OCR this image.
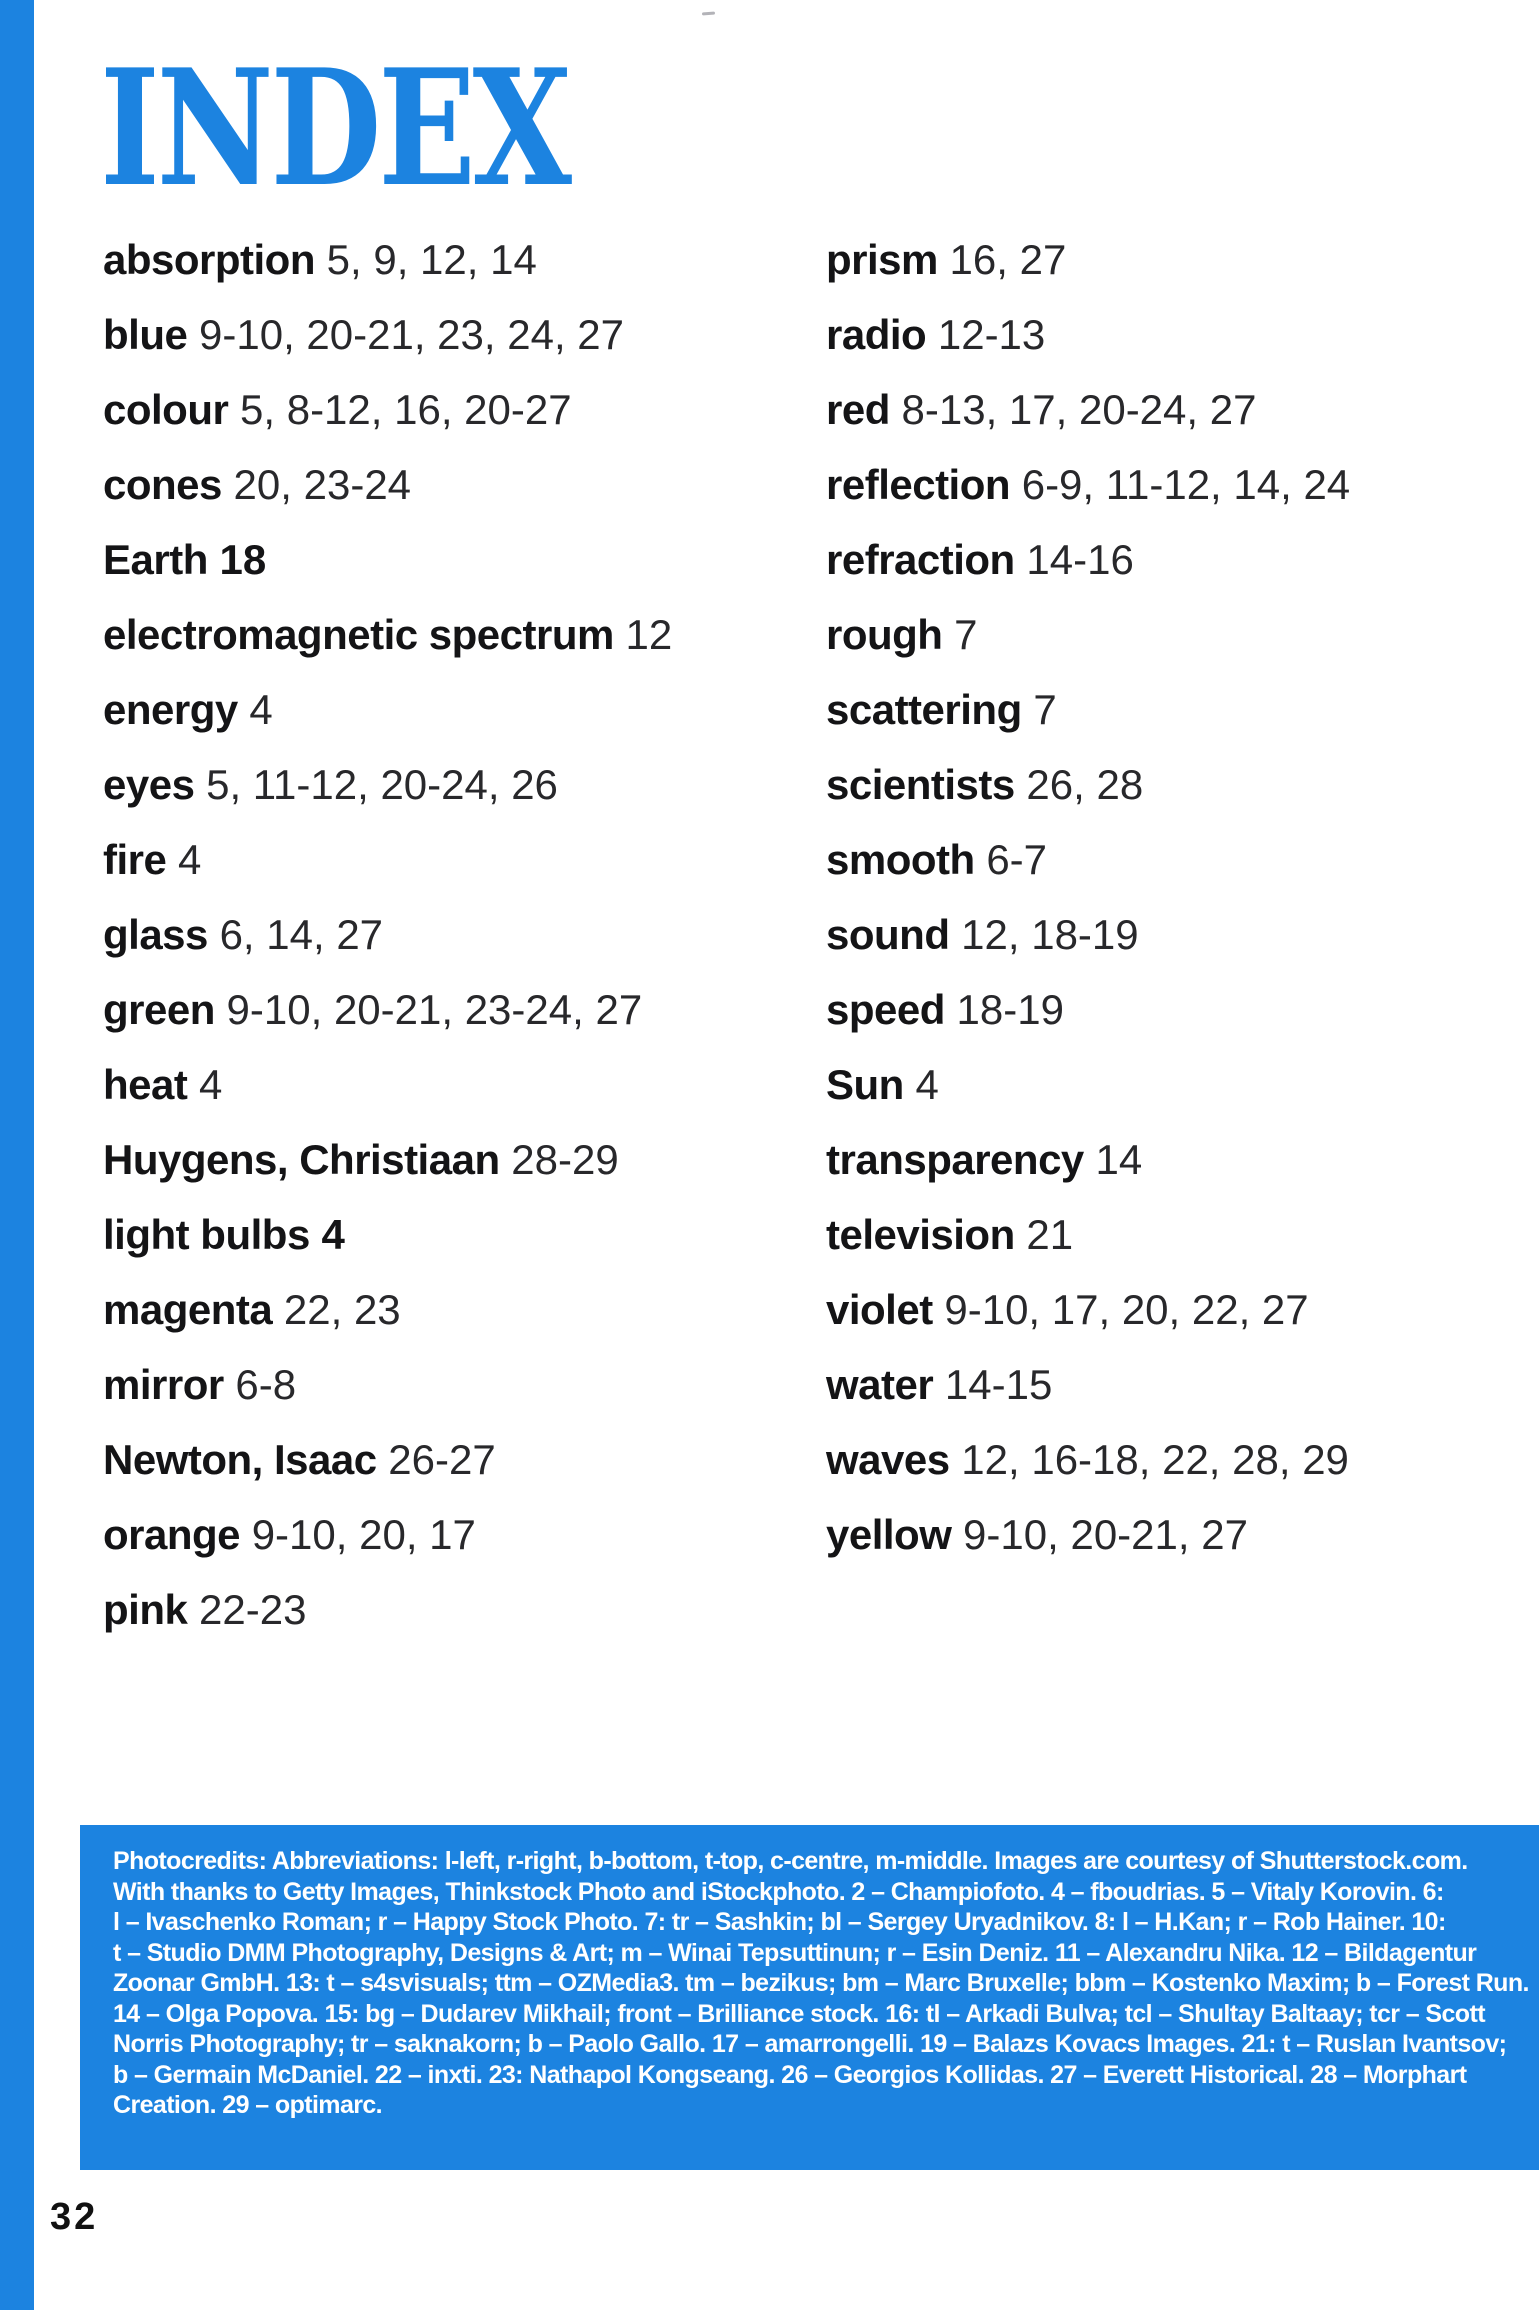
INDEX
absorption 5, 9, 12, 14
blue 9-10, 20-21, 23, 24, 27
colour 5, 8-12, 16, 20-27
cones 20, 23-24
Earth 18
electromagnetic spectrum 12
energy 4
eyes 5, 11-12, 20-24, 26
fire 4
glass 6, 14, 27
green 9-10, 20-21, 23-24, 27
heat 4
Huygens, Christiaan 28-29
light bulbs 4
magenta 22, 23
mirror 6-8
Newton, Isaac 26-27
orange 9-10, 20, 17
pink 22-23
prism 16, 27
radio 12-13
red 8-13, 17, 20-24, 27
reflection 6-9, 11-12, 14, 24
refraction 14-16
rough 7
scattering 7
scientists 26, 28
smooth 6-7
sound 12, 18-19
speed 18-19
Sun 4
transparency 14
television 21
violet 9-10, 17, 20, 22, 27
water 14-15
waves 12, 16-18, 22, 28, 29
yellow 9-10, 20-21, 27
Photocredits: Abbreviations: l-left, r-right, b-bottom, t-top, c-centre, m-middle. Images are courtesy of Shutterstock.com.
With thanks to Getty Images, Thinkstock Photo and iStockphoto. 2 – Champiofoto. 4 – fboudrias. 5 – Vitaly Korovin. 6:
l – Ivaschenko Roman; r – Happy Stock Photo. 7: tr – Sashkin; bl – Sergey Uryadnikov. 8: l – H.Kan; r – Rob Hainer. 10:
t – Studio DMM Photography, Designs & Art; m – Winai Tepsuttinun; r – Esin Deniz. 11 – Alexandru Nika. 12 – Bildagentur
Zoonar GmbH. 13: t – s4svisuals; ttm – OZMedia3. tm – bezikus; bm – Marc Bruxelle; bbm – Kostenko Maxim; b – Forest Run.
14 – Olga Popova. 15: bg – Dudarev Mikhail; front – Brilliance stock. 16: tl – Arkadi Bulva; tcl – Shultay Baltaay; tcr – Scott
Norris Photography; tr – saknakorn; b – Paolo Gallo. 17 – amarrongelli. 19 – Balazs Kovacs Images. 21: t – Ruslan Ivantsov;
b – Germain McDaniel. 22 – inxti. 23: Nathapol Kongseang. 26 – Georgios Kollidas. 27 – Everett Historical. 28 – Morphart
Creation. 29 – optimarc.
32
